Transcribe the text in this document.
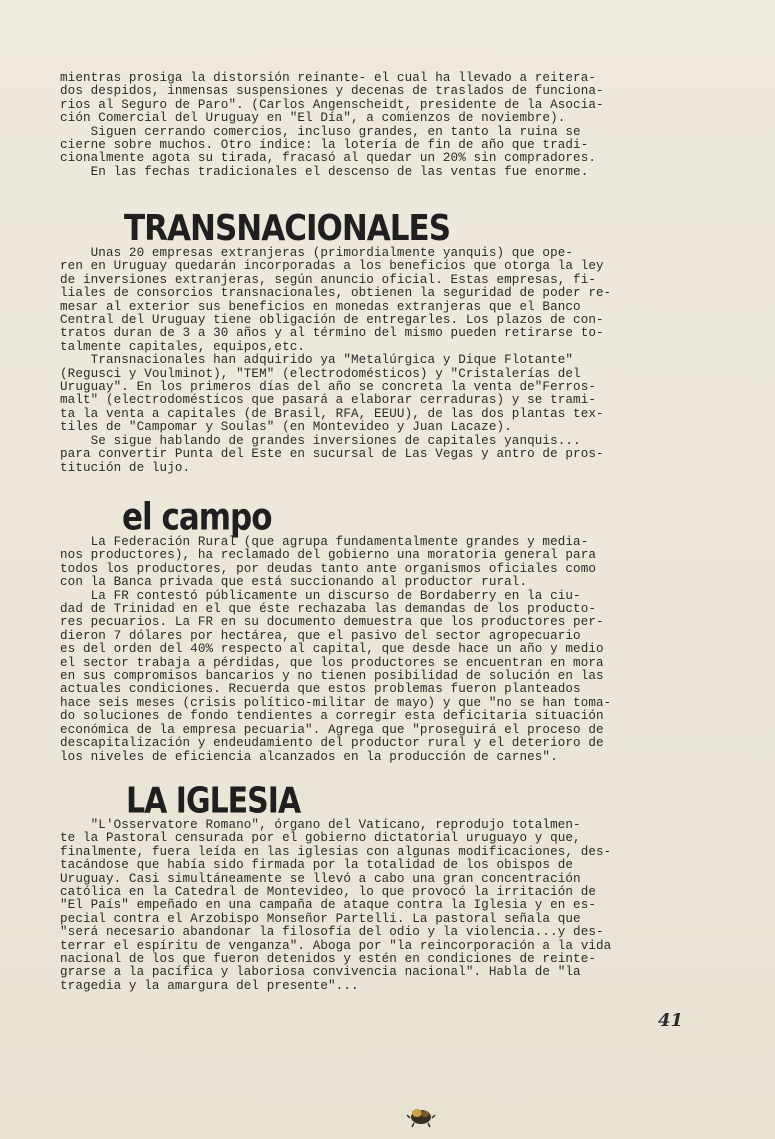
mientras prosiga la distorsión reinante- el cual ha llevado a reitera-
dos despidos, inmensas suspensiones y decenas de traslados de funciona-
rios al Seguro de Paro". (Carlos Angenscheidt, presidente de la Asocia-
ción Comercial del Uruguay en "El Día", a comienzos de noviembre).
Siguen cerrando comercios, incluso grandes, en tanto la ruina se
cierne sobre muchos. Otro índice: la lotería de fin de año que tradi-
cionalmente agota su tirada, fracasó al quedar un 20% sin compradores.
En las fechas tradicionales el descenso de las ventas fue enorme.

TRANSNACIONALES

Unas 20 empresas extranjeras (primordialmente yanquis) que ope-
ren en Uruguay quedarán incorporadas a los beneficios que otorga la ley
de inversiones extranjeras, según anuncio oficial. Estas empresas, fi-
liales de consorcios transnacionales, obtienen la seguridad de poder re-
mesar al exterior sus beneficios en monedas extranjeras que el Banco
Central del Uruguay tiene obligación de entregarles. Los plazos de con-
tratos duran de 3 a 30 años y al término del mismo pueden retirarse to-
talmente capitales, equipos,etc.
Transnacionales han adquirido ya "Metalúrgica y Dique Flotante"
(Regusci y Voulminot), "TEM" (electrodomésticos) y "Cristalerías del
Uruguay". En los primeros días del año se concreta la venta de"Ferros-
malt" (electrodomésticos que pasará a elaborar cerraduras) y se trami-
ta la venta a capitales (de Brasil, RFA, EEUU), de las dos plantas tex-
tiles de "Campomar y Soulas" (en Montevideo y Juan Lacaze).
Se sigue hablando de grandes inversiones de capitales yanquis...
para convertir Punta del Este en sucursal de Las Vegas y antro de pros-
titución de lujo.

el campo

La Federación Rural (que agrupa fundamentalmente grandes y media-
nos productores), ha reclamado del gobierno una moratoria general para
todos los productores, por deudas tanto ante organismos oficiales como
con la Banca privada que está succionando al productor rural.
La FR contestó públicamente un discurso de Bordaberry en la ciu-
dad de Trinidad en el que éste rechazaba las demandas de los producto-
res pecuarios. La FR en su documento demuestra que los productores per-
dieron 7 dólares por hectárea, que el pasivo del sector agropecuario
es del orden del 40% respecto al capital, que desde hace un año y medio
el sector trabaja a pérdidas, que los productores se encuentran en mora
en sus compromisos bancarios y no tienen posibilidad de solución en las
actuales condiciones. Recuerda que estos problemas fueron planteados
hace seis meses (crisis político-militar de mayo) y que "no se han toma-
do soluciones de fondo tendientes a corregir esta deficitaria situación
económica de la empresa pecuaria". Agrega que "proseguirá el proceso de
descapitalización y endeudamiento del productor rural y el deterioro de
los niveles de eficiencia alcanzados en la producción de carnes".

LA IGLESIA

"L'Osservatore Romano", órgano del Vaticano, reprodujo totalmen-
te la Pastoral censurada por el gobierno dictatorial uruguayo y que,
finalmente, fuera leída en las iglesias con algunas modificaciones, des-
tacándose que había sido firmada por la totalidad de los obispos de
Uruguay. Casi simultáneamente se llevó a cabo una gran concentración
católica en la Catedral de Montevideo, lo que provocó la irritación de
"El País" empeñado en una campaña de ataque contra la Iglesia y en es-
pecial contra el Arzobispo Monseñor Partelli. La pastoral señala que
"será necesario abandonar la filosofía del odio y la violencia...y des-
terrar el espíritu de venganza". Aboga por "la reincorporación a la vida
nacional de los que fueron detenidos y estén en condiciones de reinte-
grarse a la pacífica y laboriosa convivencia nacional". Habla de "la
tragedia y la amargura del presente"...

41
